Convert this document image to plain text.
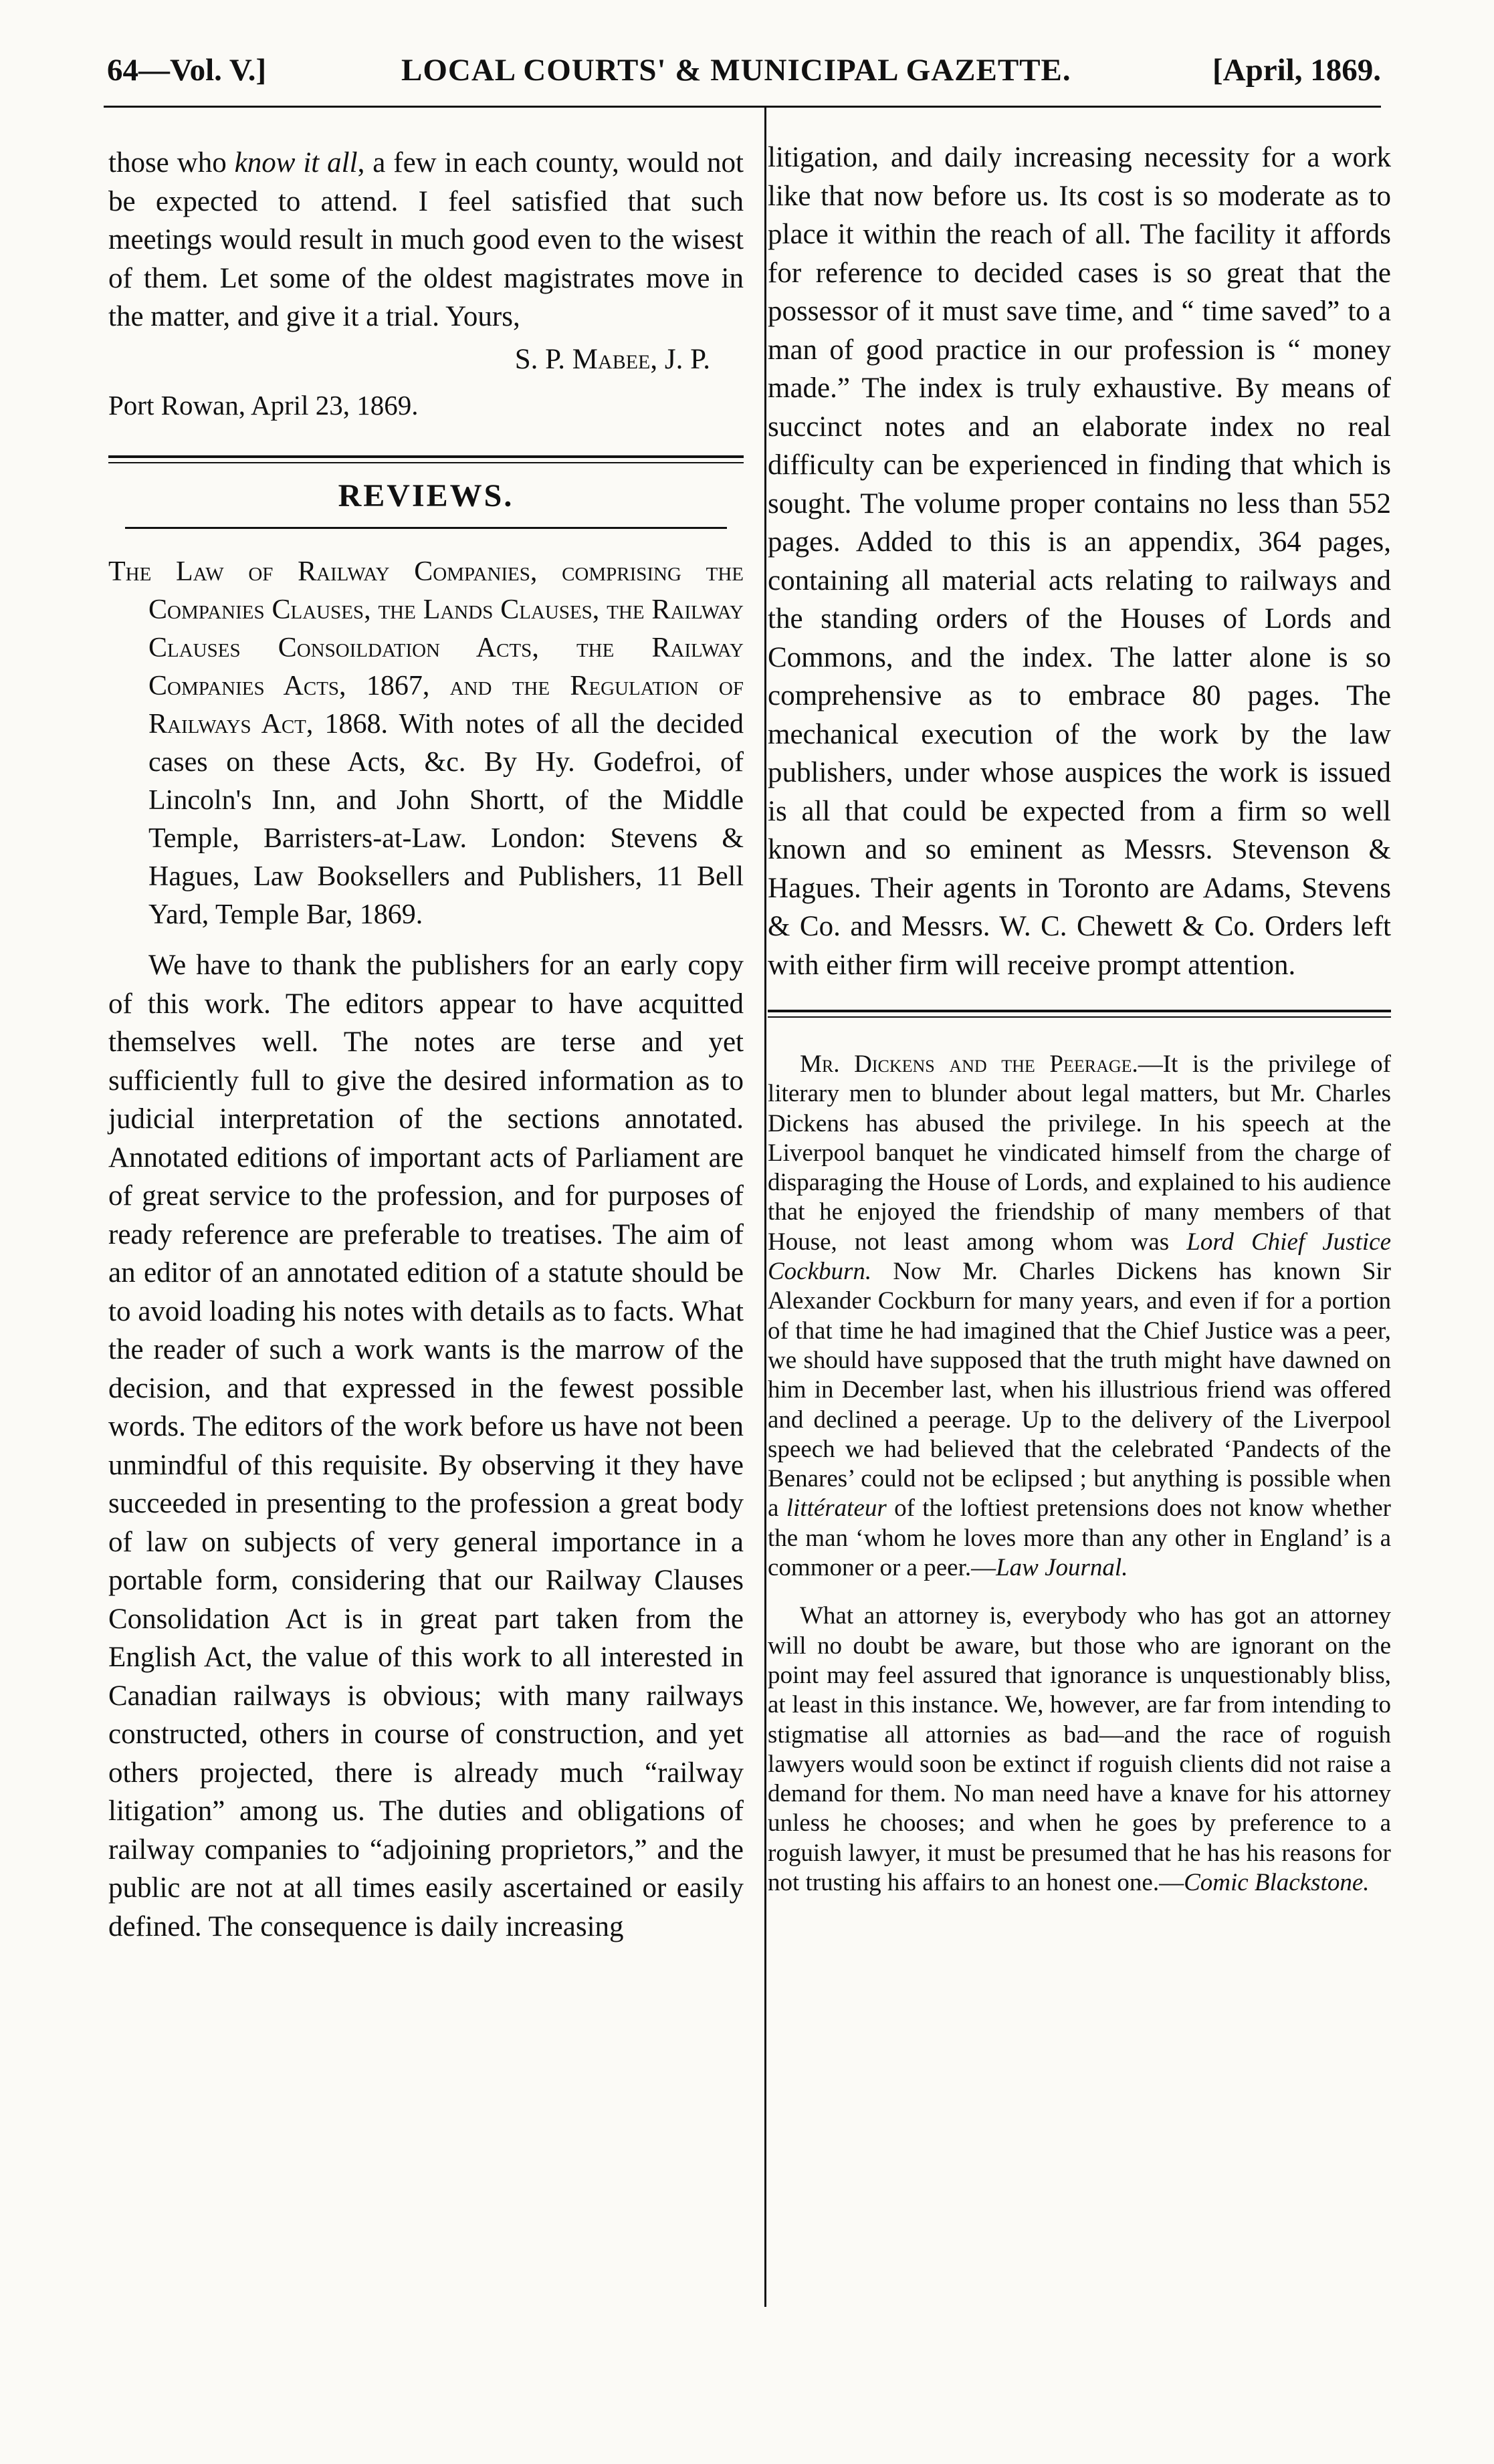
64—Vol. V.]	LOCAL COURTS' & MUNICIPAL GAZETTE.	[April, 1869.

those who know it all, a few in each county, would not be expected to attend. I feel satisfied that such meetings would result in much good even to the wisest of them. Let some of the oldest magistrates move in the matter, and give it a trial. Yours,

S. P. Mabee, J. P.

Port Rowan, April 23, 1869.

REVIEWS.

The Law of Railway Companies, comprising the Companies Clauses, the Lands Clauses, the Railway Clauses Consoildation Acts, the Railway Companies Acts, 1867, and the Regulation of Railways Act, 1868. With notes of all the decided cases on these Acts, &c. By Hy. Godefroi, of Lincoln's Inn, and John Shortt, of the Middle Temple, Barristers-at-Law. London: Stevens & Hagues, Law Booksellers and Publishers, 11 Bell Yard, Temple Bar, 1869.

We have to thank the publishers for an early copy of this work. The editors appear to have acquitted themselves well. The notes are terse and yet sufficiently full to give the desired information as to judicial interpretation of the sections annotated. Annotated editions of important acts of Parliament are of great service to the profession, and for purposes of ready reference are preferable to treatises. The aim of an editor of an annotated edition of a statute should be to avoid loading his notes with details as to facts. What the reader of such a work wants is the marrow of the decision, and that expressed in the fewest possible words. The editors of the work before us have not been unmindful of this requisite. By observing it they have succeeded in presenting to the profession a great body of law on subjects of very general importance in a portable form, considering that our Railway Clauses Consolidation Act is in great part taken from the English Act, the value of this work to all interested in Canadian railways is obvious; with many railways constructed, others in course of construction, and yet others projected, there is already much “railway litigation” among us. The duties and obligations of railway companies to “adjoining proprietors,” and the public are not at all times easily ascertained or easily defined. The consequence is daily increasing

litigation, and daily increasing necessity for a work like that now before us. Its cost is so moderate as to place it within the reach of all. The facility it affords for reference to decided cases is so great that the possessor of it must save time, and “ time saved” to a man of good practice in our profession is “ money made.” The index is truly exhaustive. By means of succinct notes and an elaborate index no real difficulty can be experienced in finding that which is sought. The volume proper contains no less than 552 pages. Added to this is an appendix, 364 pages, containing all material acts relating to railways and the standing orders of the Houses of Lords and Commons, and the index. The latter alone is so comprehensive as to embrace 80 pages. The mechanical execution of the work by the law publishers, under whose auspices the work is issued is all that could be expected from a firm so well known and so eminent as Messrs. Stevenson & Hagues. Their agents in Toronto are Adams, Stevens & Co. and Messrs. W. C. Chewett & Co. Orders left with either firm will receive prompt attention.

Mr. Dickens and the Peerage.—It is the privilege of literary men to blunder about legal matters, but Mr. Charles Dickens has abused the privilege. In his speech at the Liverpool banquet he vindicated himself from the charge of disparaging the House of Lords, and explained to his audience that he enjoyed the friendship of many members of that House, not least among whom was Lord Chief Justice Cockburn. Now Mr. Charles Dickens has known Sir Alexander Cockburn for many years, and even if for a portion of that time he had imagined that the Chief Justice was a peer, we should have supposed that the truth might have dawned on him in December last, when his illustrious friend was offered and declined a peerage. Up to the delivery of the Liverpool speech we had believed that the celebrated ‘Pandects of the Benares’ could not be eclipsed ; but anything is possible when a littérateur of the loftiest pretensions does not know whether the man ‘whom he loves more than any other in England’ is a commoner or a peer.—Law Journal.

What an attorney is, everybody who has got an attorney will no doubt be aware, but those who are ignorant on the point may feel assured that ignorance is unquestionably bliss, at least in this instance. We, however, are far from intending to stigmatise all attornies as bad—and the race of roguish lawyers would soon be extinct if roguish clients did not raise a demand for them. No man need have a knave for his attorney unless he chooses; and when he goes by preference to a roguish lawyer, it must be presumed that he has his reasons for not trusting his affairs to an honest one.—Comic Blackstone.
